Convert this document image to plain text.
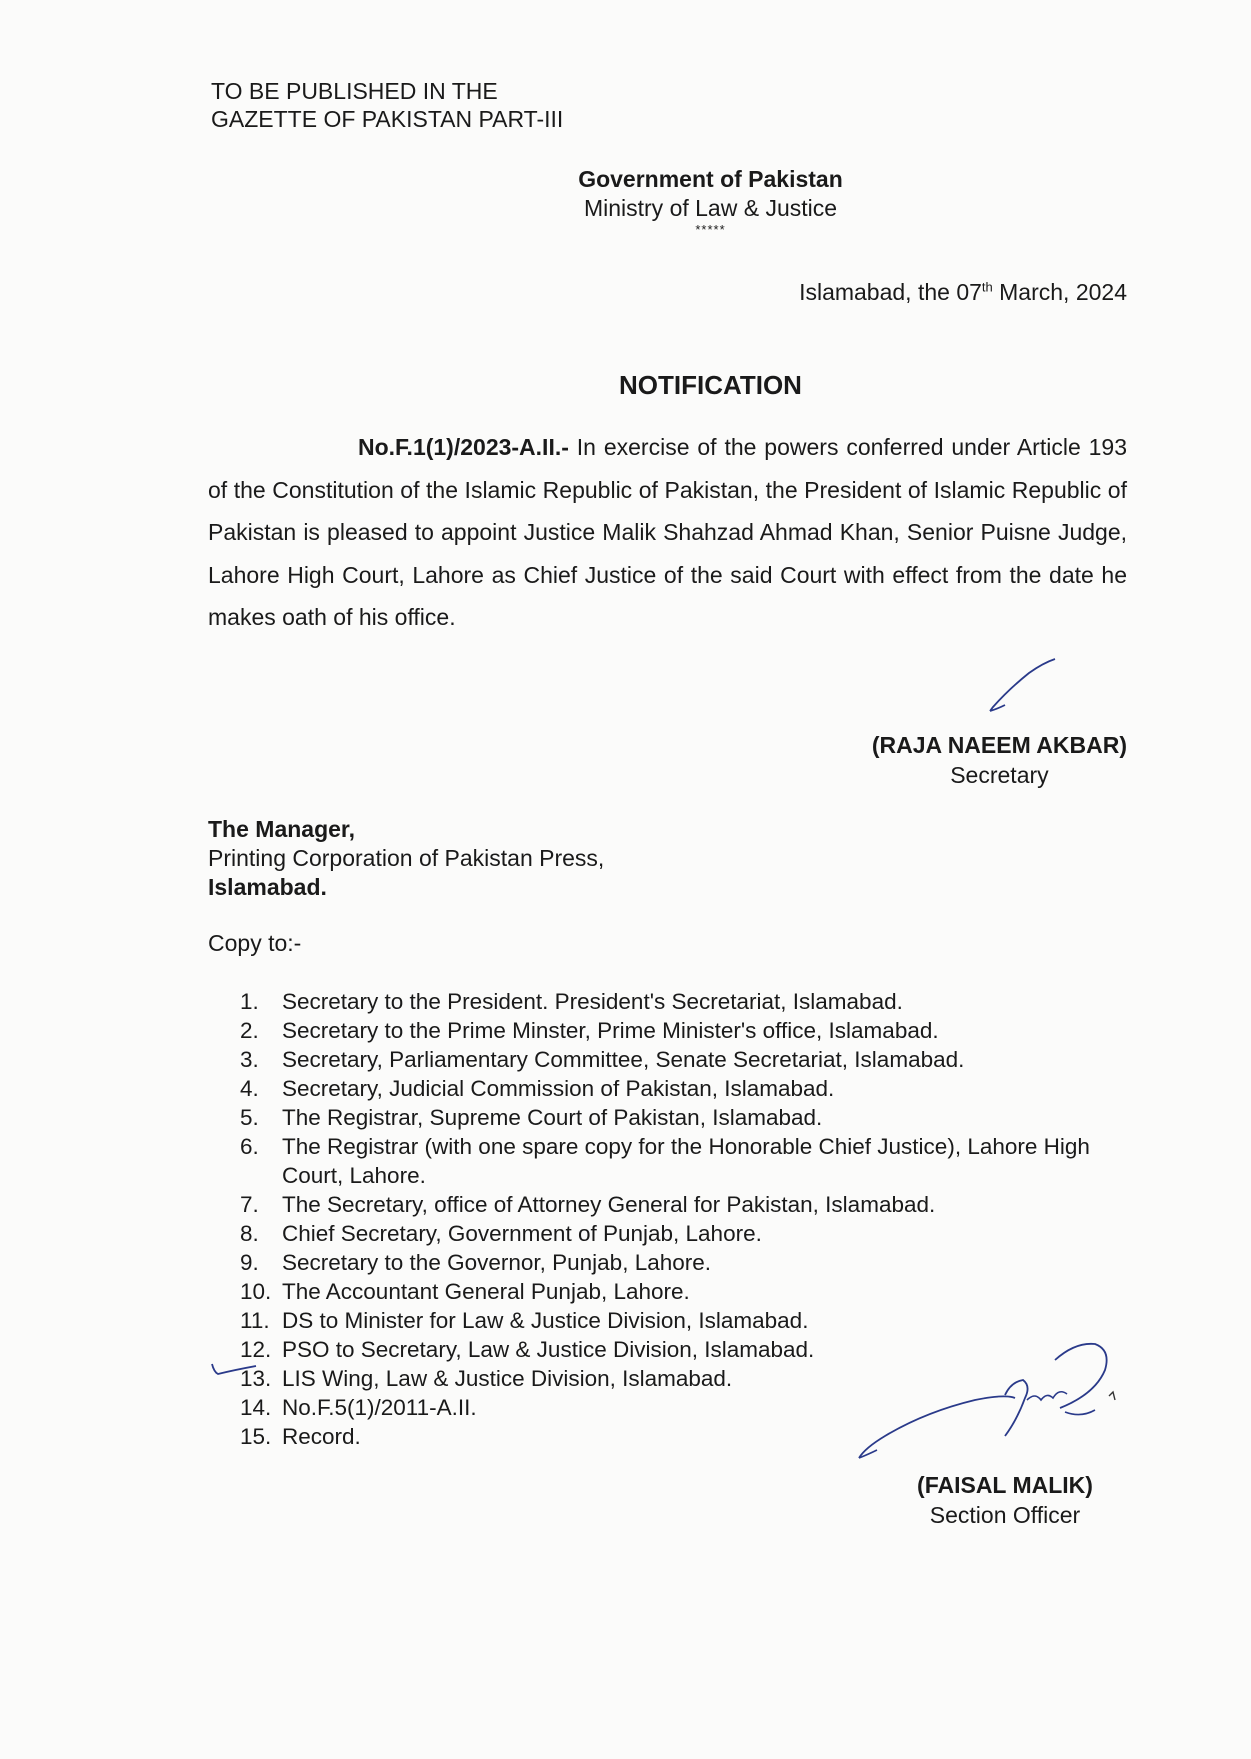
TO BE PUBLISHED IN THE
GAZETTE OF PAKISTAN PART-III
Government of Pakistan
Ministry of Law & Justice
*****
Islamabad, the 07th March, 2024
NOTIFICATION
No.F.1(1)/2023-A.II.- In exercise of the powers conferred under Article 193 of the Constitution of the Islamic Republic of Pakistan, the President of Islamic Republic of Pakistan is pleased to appoint Justice Malik Shahzad Ahmad Khan, Senior Puisne Judge, Lahore High Court, Lahore as Chief Justice of the said Court with effect from the date he makes oath of his office.
(RAJA NAEEM AKBAR)
Secretary
The Manager,
Printing Corporation of Pakistan Press,
Islamabad.
Copy to:-
1.	Secretary to the President. President's Secretariat, Islamabad.
2.	Secretary to the Prime Minster, Prime Minister's office, Islamabad.
3.	Secretary, Parliamentary Committee, Senate Secretariat, Islamabad.
4.	Secretary, Judicial Commission of Pakistan, Islamabad.
5.	The Registrar, Supreme Court of Pakistan, Islamabad.
6.	The Registrar (with one spare copy for the Honorable Chief Justice), Lahore High Court, Lahore.
7.	The Secretary, office of Attorney General for Pakistan, Islamabad.
8.	Chief Secretary, Government of Punjab, Lahore.
9.	Secretary to the Governor, Punjab, Lahore.
10. The Accountant General Punjab, Lahore.
11. DS to Minister for Law & Justice Division, Islamabad.
12. PSO to Secretary, Law & Justice Division, Islamabad.
13. LIS Wing, Law & Justice Division, Islamabad.
14. No.F.5(1)/2011-A.II.
15. Record.
(FAISAL MALIK)
Section Officer
